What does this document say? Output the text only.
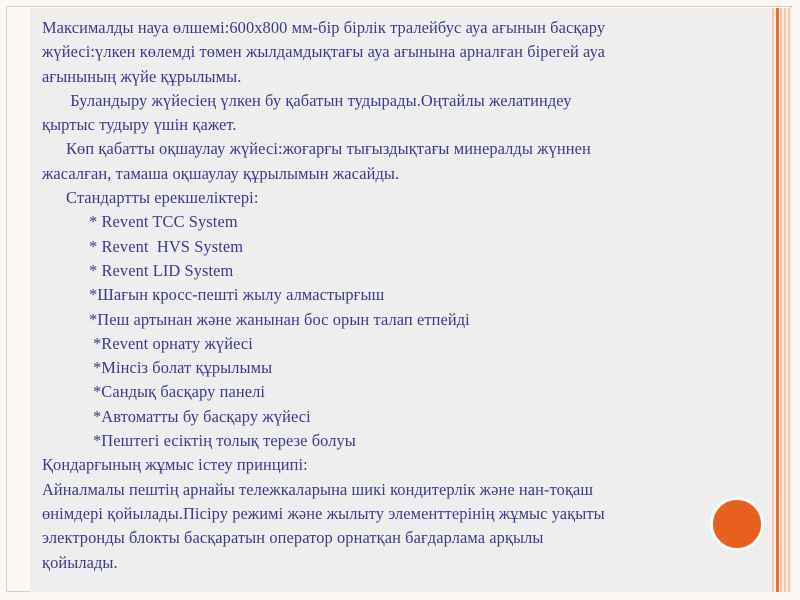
Максималды науа өлшемі:600х800 мм-бір бірлік тралейбус ауа ағынын басқару

жүйесі:үлкен көлемді төмен жылдамдықтағы ауа ағынына арналған бірегей ауа

ағынының жүйе құрылымы.

Буландыру жүйесіең үлкен бу қабатын тудырады.Оңтайлы желатиндеу

қыртыс тудыру үшін қажет.

Көп қабатты оқшаулау жүйесі:жоғарғы тығыздықтағы минералды жүннен

жасалған, тамаша оқшаулау құрылымын жасайды.

Стандартты ерекшеліктері:

* Revent TCC System

* Revent  HVS System

* Revent LID System

*Шағын кросс-пешті жылу алмастырғыш

*Пеш артынан және жанынан бос орын талап етпейді

*Revent орнату жүйесі

*Мінсіз болат құрылымы

*Сандық басқару панелі

*Автоматты бу басқару жүйесі

*Пештегі есіктің толық терезе болуы

Қондарғының жұмыс істеу принципі:

Айналмалы пештің арнайы тележкаларына шикі кондитерлік және нан-тоқаш

өнімдері қойылады.Пісіру режимі және жылыту элементтерінің жұмыс уақыты

электронды блокты басқаратын оператор орнатқан бағдарлама арқылы

қойылады.
